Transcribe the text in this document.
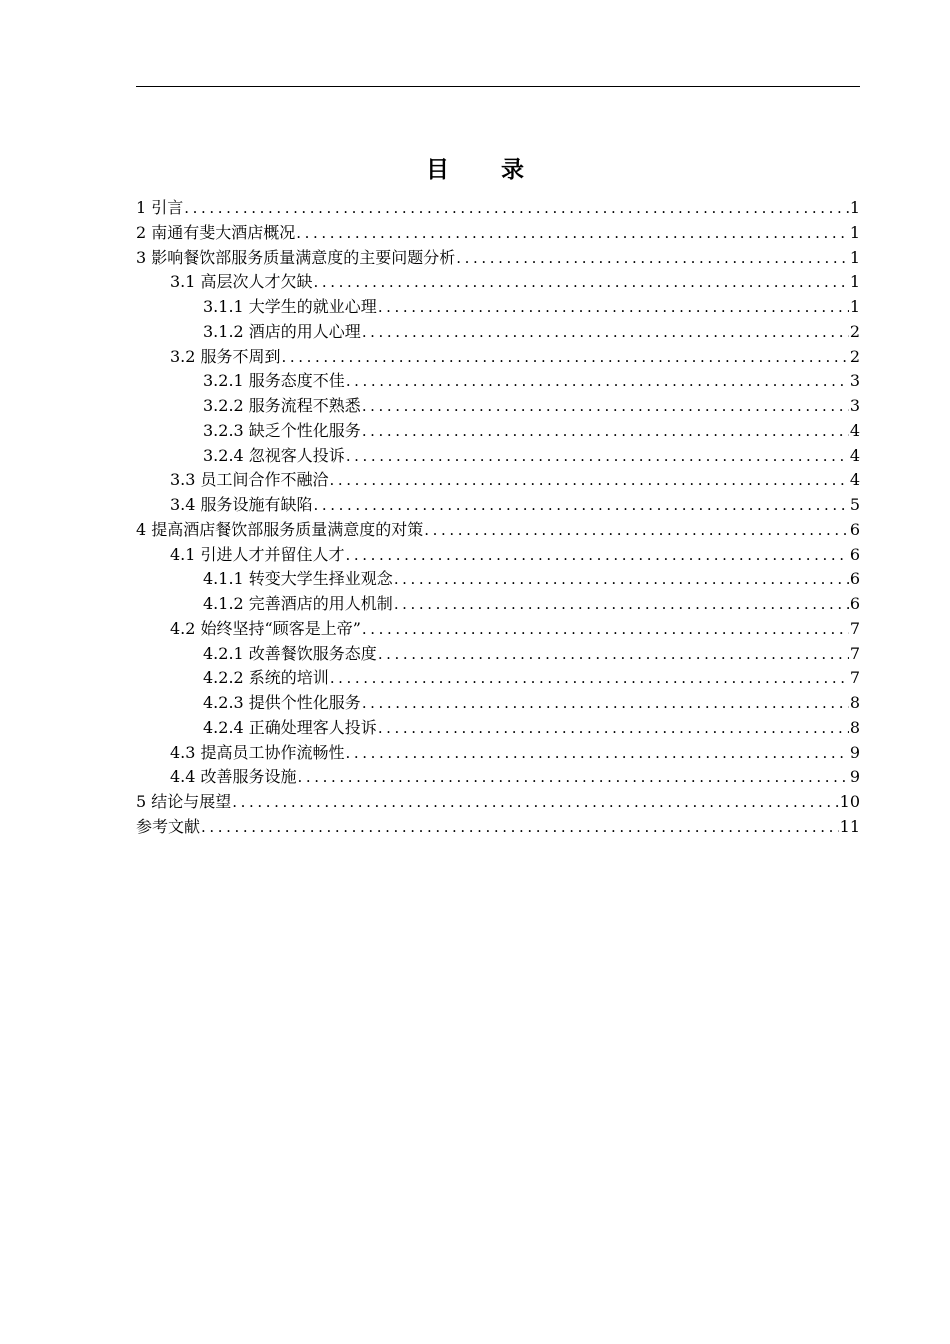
目 录
1 引言 .....	1
2 南通有斐大酒店概况 .....	1
3 影响餐饮部服务质量满意度的主要问题分析 .....	1
3.1 高层次人才欠缺 .....	1
3.1.1 大学生的就业心理 .....	1
3.1.2 酒店的用人心理 .....	2
3.2 服务不周到 .....	2
3.2.1 服务态度不佳 .....	3
3.2.2 服务流程不熟悉 .....	3
3.2.3 缺乏个性化服务 .....	4
3.2.4 忽视客人投诉 .....	4
3.3 员工间合作不融洽 .....	4
3.4 服务设施有缺陷 .....	5
4 提高酒店餐饮部服务质量满意度的对策 .....	6
4.1 引进人才并留住人才 .....	6
4.1.1 转变大学生择业观念 .....	6
4.1.2 完善酒店的用人机制 .....	6
4.2 始终坚持“顾客是上帝” .....	7
4.2.1 改善餐饮服务态度 .....	7
4.2.2 系统的培训 .....	7
4.2.3 提供个性化服务 .....	8
4.2.4 正确处理客人投诉 .....	8
4.3 提高员工协作流畅性 .....	9
4.4 改善服务设施 .....	9
5 结论与展望 .....	10
参考文献 .....	11
